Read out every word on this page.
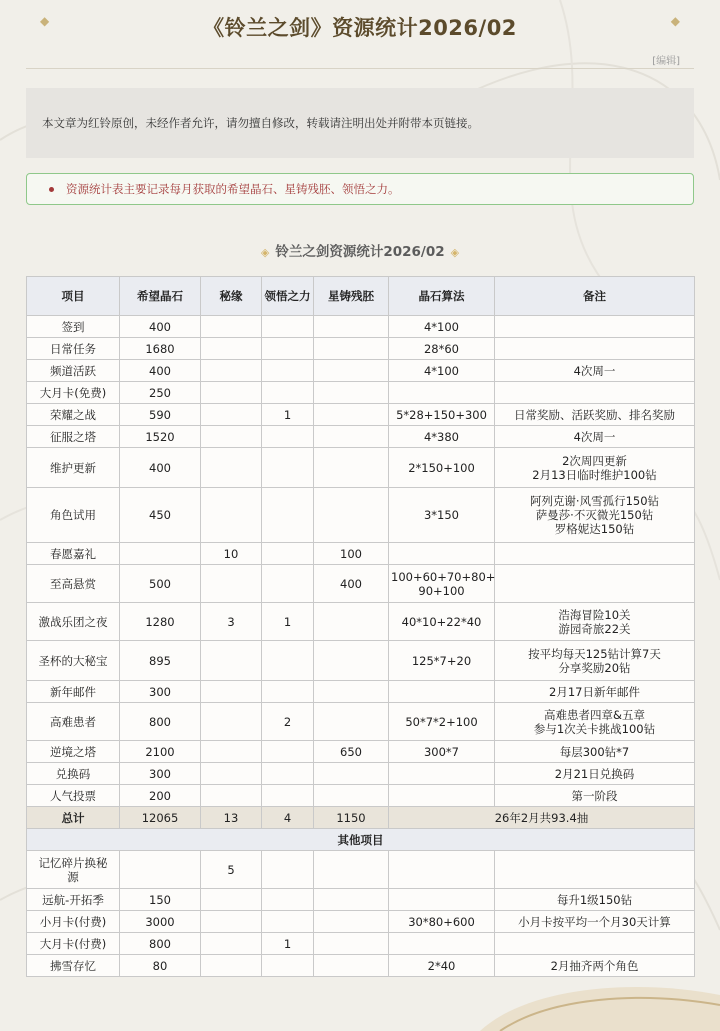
◆	◆
《铃兰之剑》资源统计2026/02
[编辑]
本文章为红铃原创，未经作者允许，请勿擅自修改，转载请注明出处并附带本页链接。
资源统计表主要记录每月获取的希望晶石、星铸残胚、领悟之力。
◈ 铃兰之剑资源统计2026/02 ◈
项目	希望晶石	秘缘	领悟之力	星铸残胚	晶石算法	备注
签到	400				4*100	
日常任务	1680				28*60	
频道活跃	400				4*100	4次周一
大月卡(免费)	250					
荣耀之战	590		1		5*28+150+300	日常奖励、活跃奖励、排名奖励
征服之塔	1520				4*380	4次周一
维护更新	400				2*150+100	2次周四更新
2月13日临时维护100钻
角色试用	450				3*150	阿列克谢·风雪孤行150钻
萨曼莎·不灭微光150钻
罗格妮达150钻
春愿嘉礼		10		100		
至高悬赏	500			400	100+60+70+80+
90+100	
激战乐团之夜	1280	3	1		40*10+22*40	浩海冒险10关
游园奇旅22关
圣杯的大秘宝	895				125*7+20	按平均每天125钻计算7天
分享奖励20钻
新年邮件	300					2月17日新年邮件
高难患者	800		2		50*7*2+100	高难患者四章&五章
参与1次关卡挑战100钻
逆境之塔	2100			650	300*7	每层300钻*7
兑换码	300					2月21日兑换码
人气投票	200					第一阶段
总计	12065	13	4	1150	26年2月共93.4抽	
其他项目						
记忆碎片换秘
源		5				
远航-开拓季	150					每升1级150钻
小月卡(付费)	3000				30*80+600	小月卡按平均一个月30天计算
大月卡(付费)	800		1			
拂雪存忆	80				2*40	2月抽齐两个角色
